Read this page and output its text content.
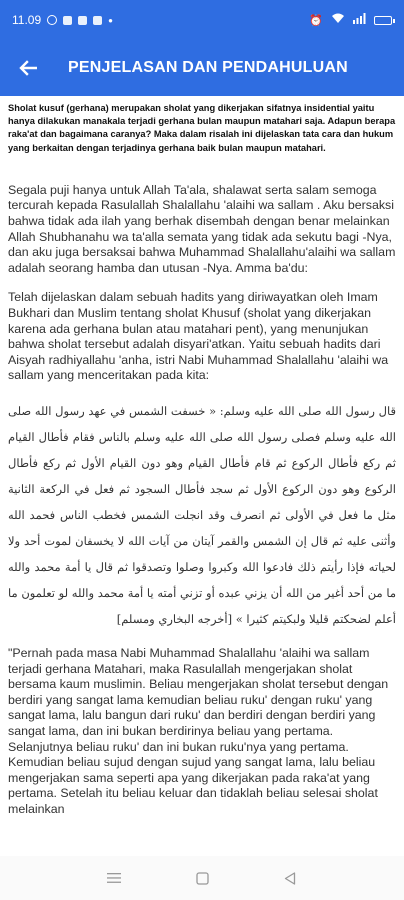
11.09	●	⏰
PENJELASAN DAN PENDAHULUAN

Sholat kusuf (gerhana) merupakan sholat yang dikerjakan sifatnya insidential yaitu hanya dilakukan manakala terjadi gerhana bulan maupun matahari saja. Adapun berapa raka'at dan bagaimana caranya? Maka dalam risalah ini dijelaskan tata cara dan hukum yang berkaitan dengan terjadinya gerhana baik bulan maupun matahari.

Segala puji hanya untuk Allah Ta'ala, shalawat serta salam semoga tercurah kepada Rasulallah Shalallahu 'alaihi wa sallam . Aku bersaksi bahwa tidak ada ilah yang berhak disembah dengan benar melainkan Allah Shubhanahu wa ta'alla semata yang tidak ada sekutu bagi -Nya, dan aku juga bersaksai bahwa Muhammad Shalallahu'alaihi wa sallam adalah seorang hamba dan utusan -Nya. Amma ba'du:

Telah dijelaskan dalam sebuah hadits yang diriwayatkan oleh Imam Bukhari dan Muslim tentang sholat Khusuf (sholat yang dikerjakan karena ada gerhana bulan atau matahari pent), yang menunjukan bahwa sholat tersebut adalah disyari'atkan. Yaitu sebuah hadits dari Aisyah radhiyallahu 'anha, istri Nabi Muhammad Shalallahu 'alaihi wa sallam yang menceritakan pada kita:

قال رسول الله صلى الله عليه وسلم: « خسفت الشمس في عهد رسول الله صلى الله عليه وسلم فصلى رسول الله صلى الله عليه وسلم بالناس فقام فأطال القيام ثم ركع فأطال الركوع ثم قام فأطال القيام وهو دون القيام الأول ثم ركع فأطال الركوع وهو دون الركوع الأول ثم سجد فأطال السجود ثم فعل في الركعة الثانية مثل ما فعل في الأولى ثم انصرف وقد انجلت الشمس فخطب الناس فحمد الله وأثنى عليه ثم قال إن الشمس والقمر آيتان من آيات الله لا يخسفان لموت أحد ولا لحياته فإذا رأيتم ذلك فادعوا الله وكبروا وصلوا وتصدقوا ثم قال يا أمة محمد والله ما من أحد أغير من الله أن يزني عبده أو تزني أمته يا أمة محمد والله لو تعلمون ما أعلم لضحكتم قليلا ولبكيتم كثيرا » [أخرجه البخاري ومسلم]

"Pernah pada masa Nabi Muhammad Shalallahu 'alaihi wa sallam terjadi gerhana Matahari, maka Rasulallah mengerjakan sholat bersama kaum muslimin. Beliau mengerjakan sholat tersebut dengan berdiri yang sangat lama kemudian beliau ruku' dengan ruku' yang sangat lama, lalu bangun dari ruku' dan berdiri dengan berdiri yang sangat lama, dan ini bukan berdirinya beliau yang pertama. Selanjutnya beliau ruku' dan ini bukan ruku'nya yang pertama. Kemudian beliau sujud dengan sujud yang sangat lama, lalu beliau mengerjakan sama seperti apa yang dikerjakan pada raka'at yang pertama. Setelah itu beliau keluar dan tidaklah beliau selesai sholat melainkan
